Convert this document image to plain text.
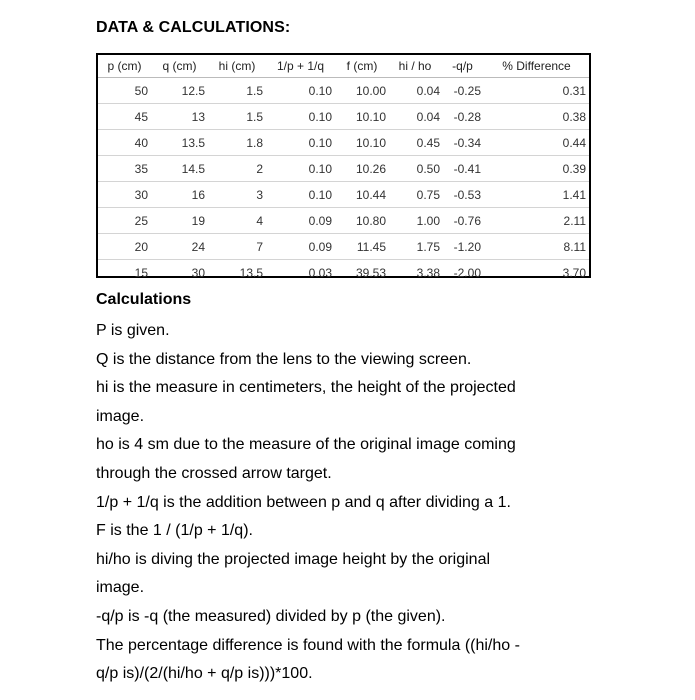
DATA & CALCULATIONS:
p (cm)	q (cm)	hi (cm)	1/p + 1/q	f (cm)	hi / ho	-q/p	% Difference
50	12.5	1.5	0.10	10.00	0.04	-0.25	0.31
45	13	1.5	0.10	10.10	0.04	-0.28	0.38
40	13.5	1.8	0.10	10.10	0.45	-0.34	0.44
35	14.5	2	0.10	10.26	0.50	-0.41	0.39
30	16	3	0.10	10.44	0.75	-0.53	1.41
25	19	4	0.09	10.80	1.00	-0.76	2.11
20	24	7	0.09	11.45	1.75	-1.20	8.11
15	30	13.5	0.03	39.53	3.38	-2.00	3.70
Calculations
P is given.
Q is the distance from the lens to the viewing screen.
hi is the measure in centimeters, the height of the projected
image.
ho is 4 sm due to the measure of the original image coming
through the crossed arrow target.
1/p + 1/q is the addition between p and q after dividing a 1.
F is the 1 / (1/p + 1/q).
hi/ho is diving the projected image height by the original
image.
-q/p is -q (the measured) divided by p (the given).
The percentage difference is found with the formula ((hi/ho -
q/p is)/(2/(hi/ho + q/p is)))*100.
